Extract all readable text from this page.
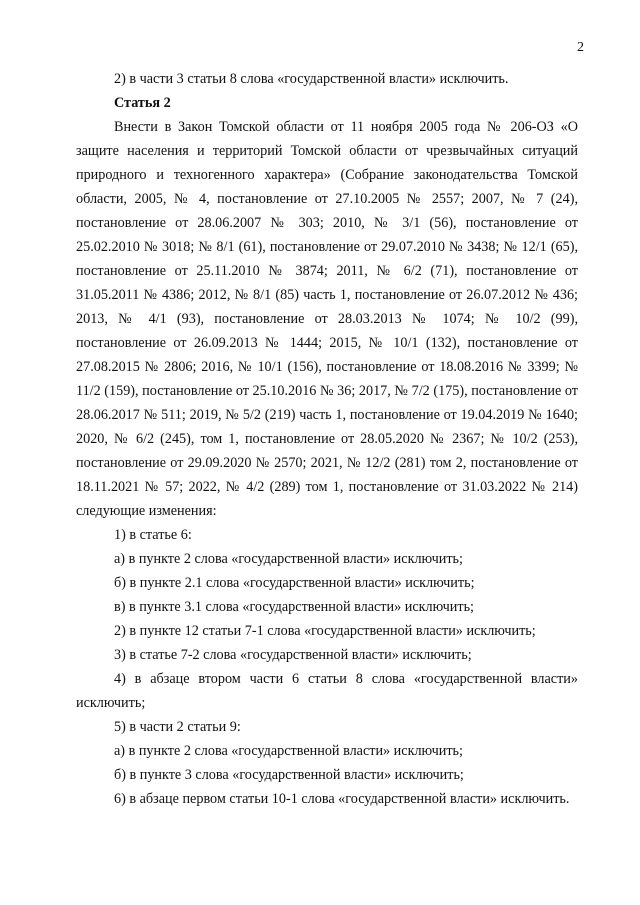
2

2) в части 3 статьи 8 слова «государственной власти» исключить.

Статья 2

Внести в Закон Томской области от 11 ноября 2005 года № 206-ОЗ «О защите населения и территорий Томской области от чрезвычайных ситуаций природного и техногенного характера» (Собрание законодательства Томской области, 2005, № 4, постановление от 27.10.2005 № 2557; 2007, № 7 (24), постановление от 28.06.2007 № 303; 2010, № 3/1 (56), постановление от 25.02.2010 № 3018; № 8/1 (61), постановление от 29.07.2010 № 3438; № 12/1 (65), постановление от 25.11.2010 № 3874; 2011, № 6/2 (71), постановление от 31.05.2011 № 4386; 2012, № 8/1 (85) часть 1, постановление от 26.07.2012 № 436; 2013, № 4/1 (93), постановление от 28.03.2013 № 1074; № 10/2 (99), постановление от 26.09.2013 № 1444; 2015, № 10/1 (132), постановление от 27.08.2015 № 2806; 2016, № 10/1 (156), постановление от 18.08.2016 № 3399; № 11/2 (159), постановление от 25.10.2016 № 36; 2017, № 7/2 (175), постановление от 28.06.2017 № 511; 2019, № 5/2 (219) часть 1, постановление от 19.04.2019 № 1640; 2020, № 6/2 (245), том 1, постановление от 28.05.2020 № 2367; № 10/2 (253), постановление от 29.09.2020 № 2570; 2021, № 12/2 (281) том 2, постановление от 18.11.2021 № 57; 2022, № 4/2 (289) том 1, постановление от 31.03.2022 № 214) следующие изменения:

1) в статье 6:

а) в пункте 2 слова «государственной власти» исключить;

б) в пункте 2.1 слова «государственной власти» исключить;

в) в пункте 3.1 слова «государственной власти» исключить;

2) в пункте 12 статьи 7-1 слова «государственной власти» исключить;

3) в статье 7-2 слова «государственной власти» исключить;

4) в абзаце втором части 6 статьи 8 слова «государственной власти» исключить;

5) в части 2 статьи 9:

а) в пункте 2 слова «государственной власти» исключить;

б) в пункте 3 слова «государственной власти» исключить;

6) в абзаце первом статьи 10-1 слова «государственной власти» исключить.
